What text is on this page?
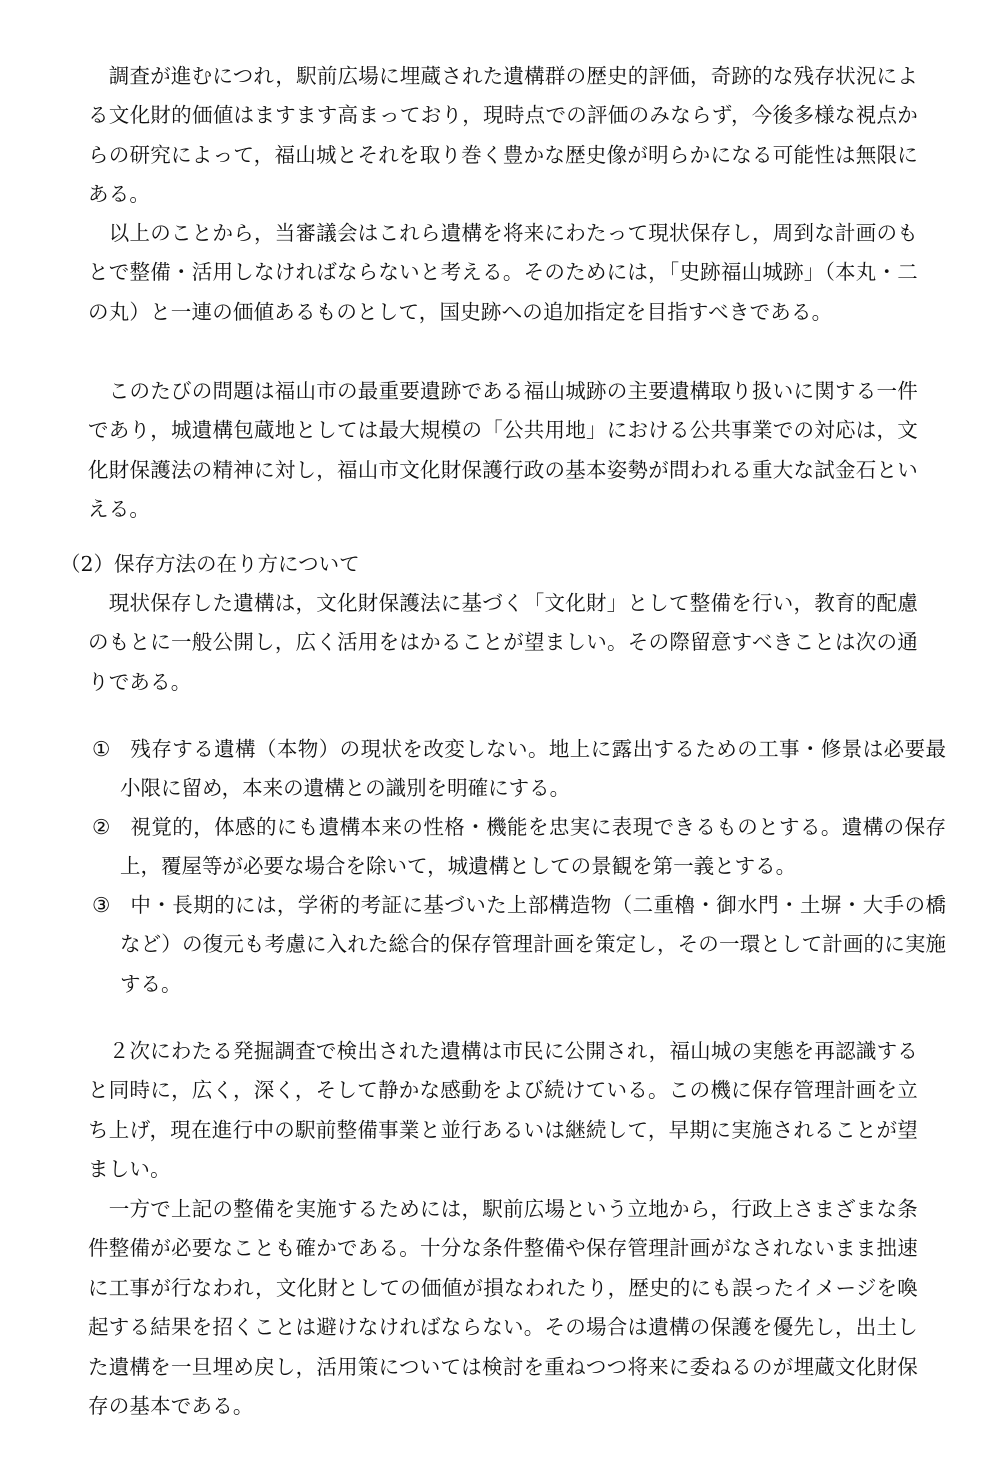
　調査が進むにつれ，駅前広場に埋蔵された遺構群の歴史的評価，奇跡的な残存状況による文化財的価値はますます高まっており，現時点での評価のみならず，今後多様な視点からの研究によって，福山城とそれを取り巻く豊かな歴史像が明らかになる可能性は無限にある。

　以上のことから，当審議会はこれら遺構を将来にわたって現状保存し，周到な計画のもとで整備・活用しなければならないと考える。そのためには，「史跡福山城跡」（本丸・二の丸）と一連の価値あるものとして，国史跡への追加指定を目指すべきである。

　このたびの問題は福山市の最重要遺跡である福山城跡の主要遺構取り扱いに関する一件であり，城遺構包蔵地としては最大規模の「公共用地」における公共事業での対応は，文化財保護法の精神に対し，福山市文化財保護行政の基本姿勢が問われる重大な試金石といえる。

（2）保存方法の在り方について

　現状保存した遺構は，文化財保護法に基づく「文化財」として整備を行い，教育的配慮のもとに一般公開し，広く活用をはかることが望ましい。その際留意すべきことは次の通りである。

① 残存する遺構（本物）の現状を改変しない。地上に露出するための工事・修景は必要最小限に留め，本来の遺構との識別を明確にする。
② 視覚的，体感的にも遺構本来の性格・機能を忠実に表現できるものとする。遺構の保存上，覆屋等が必要な場合を除いて，城遺構としての景観を第一義とする。
③ 中・長期的には，学術的考証に基づいた上部構造物（二重櫓・御水門・土塀・大手の橋など）の復元も考慮に入れた総合的保存管理計画を策定し，その一環として計画的に実施する。

　２次にわたる発掘調査で検出された遺構は市民に公開され，福山城の実態を再認識すると同時に，広く，深く，そして静かな感動をよび続けている。この機に保存管理計画を立ち上げ，現在進行中の駅前整備事業と並行あるいは継続して，早期に実施されることが望ましい。

　一方で上記の整備を実施するためには，駅前広場という立地から，行政上さまざまな条件整備が必要なことも確かである。十分な条件整備や保存管理計画がなされないまま拙速に工事が行なわれ，文化財としての価値が損なわれたり，歴史的にも誤ったイメージを喚起する結果を招くことは避けなければならない。その場合は遺構の保護を優先し，出土した遺構を一旦埋め戻し，活用策については検討を重ねつつ将来に委ねるのが埋蔵文化財保存の基本である。
